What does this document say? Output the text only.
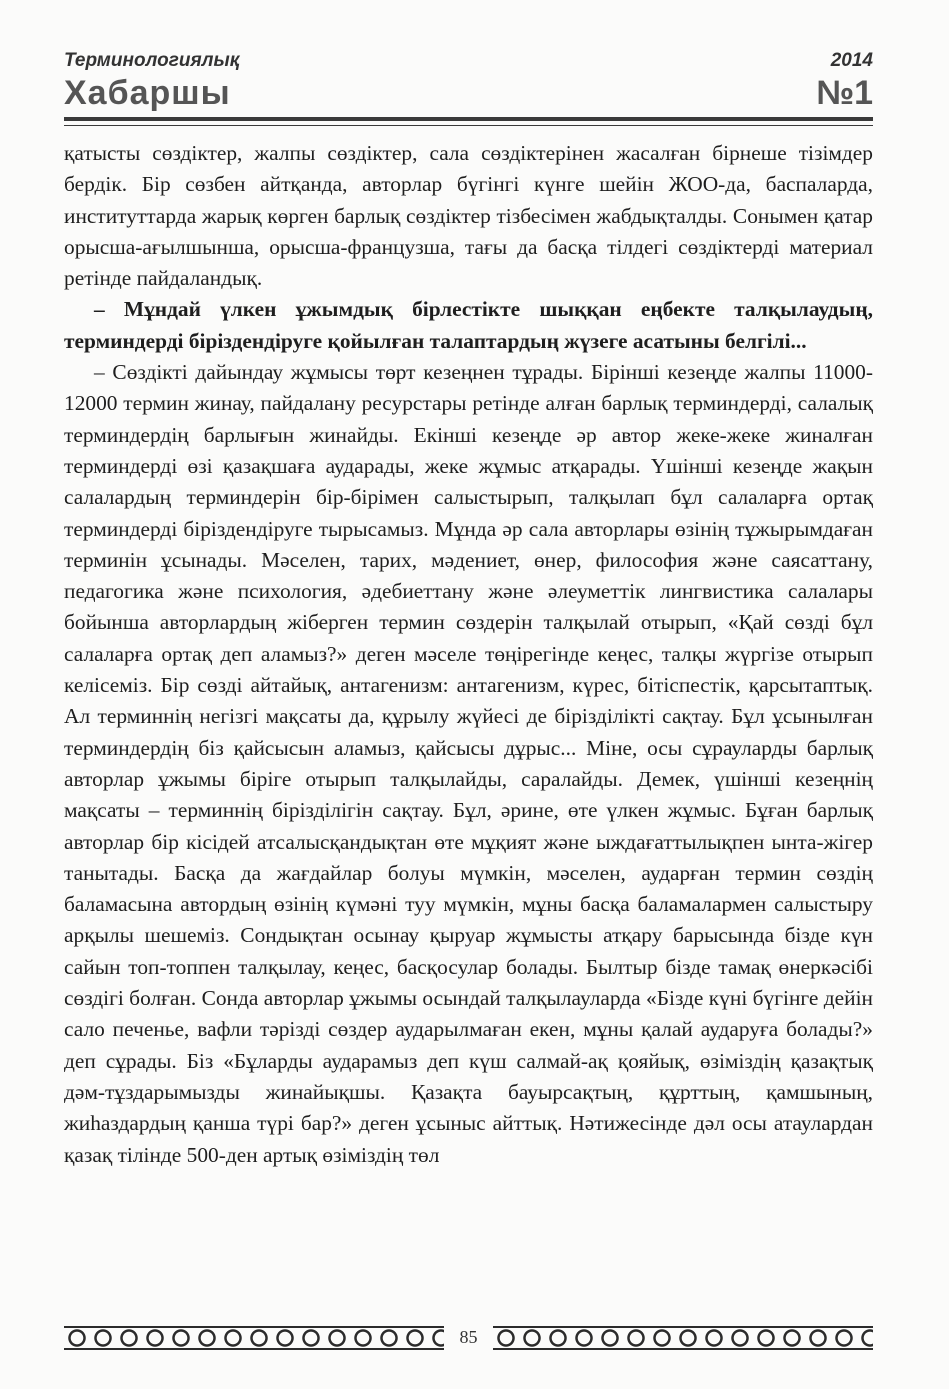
Терминологиялық
Хабаршы
2014
№1

қатысты сөздіктер, жалпы сөздіктер, сала сөздіктерінен жасалған бірнеше тізімдер бердік. Бір сөзбен айтқанда, авторлар бүгінгі күнге шейін ЖОО-да, баспаларда, институттарда жарық көрген барлық сөздіктер тізбесімен жабдықталды. Сонымен қатар орысша-ағылшынша, орысша-французша, тағы да басқа тілдегі сөздіктерді материал ретінде пайдаландық.

– Мұндай үлкен ұжымдық бірлестікте шыққан еңбекте талқылаудың, терминдерді біріздендіруге қойылған талаптардың жүзеге асатыны белгілі...

– Сөздікті дайындау жұмысы төрт кезеңнен тұрады. Бірінші кезеңде жалпы 11000-12000 термин жинау, пайдалану ресурстары ретінде алған барлық терминдерді, салалық терминдердің барлығын жинайды. Екінші кезеңде әр автор жеке-жеке жиналған терминдерді өзі қазақшаға аударады, жеке жұмыс атқарады. Үшінші кезеңде жақын салалардың терминдерін бір-бірімен салыстырып, талқылап бұл салаларға ортақ терминдерді біріздендіруге тырысамыз. Мұнда әр сала авторлары өзінің тұжырымдаған терминін ұсынады. Мәселен, тарих, мәдениет, өнер, философия және саясаттану, педагогика және психология, әдебиеттану және әлеуметтік лингвистика салалары бойынша авторлардың жіберген термин сөздерін талқылай отырып, «Қай сөзді бұл салаларға ортақ деп аламыз?» деген мәселе төңірегінде кеңес, талқы жүргізе отырып келісеміз. Бір сөзді айтайық, антагенизм: антагенизм, күрес, бітіспестік, қарсытаптық. Ал терминнің негізгі мақсаты да, құрылу жүйесі де бірізділікті сақтау. Бұл ұсынылған терминдердің біз қайсысын аламыз, қайсысы дұрыс... Міне, осы сұрауларды барлық авторлар ұжымы біріге отырып талқылайды, саралайды. Демек, үшінші кезеңнің мақсаты – терминнің біріздiлігін сақтау. Бұл, әрине, өте үлкен жұмыс. Бұған барлық авторлар бір кісідей атсалысқандықтан өте мұқият және ыждағаттылықпен ынта-жігер танытады. Басқа да жағдайлар болуы мүмкін, мәселен, аударған термин сөздің баламасына автордың өзінің күмәні туу мүмкін, мұны басқа баламалармен салыстыру арқылы шешеміз. Сондықтан осынау қыруар жұмысты атқару барысында бізде күн сайын топ-топпен талқылау, кеңес, басқосулар болады. Былтыр бізде тамақ өнеркәсібі сөздігі болған. Сонда авторлар ұжымы осындай талқылауларда «Бізде күні бүгінге дейін сало печенье, вафли тәрізді сөздер аударылмаған екен, мұны қалай аударуға болады?» деп сұрады. Біз «Бұларды аударамыз деп күш салмай-ақ қояйық, өзіміздің қазақтық дәм-тұздарымызды жинайықшы. Қазақта бауырсақтың, құрттың, қамшының, жиһаздардың қанша түрі бар?» деген ұсыныс айттық. Нәтижесінде дәл осы атаулардан қазақ тілінде 500-ден артық өзіміздің төл

85
